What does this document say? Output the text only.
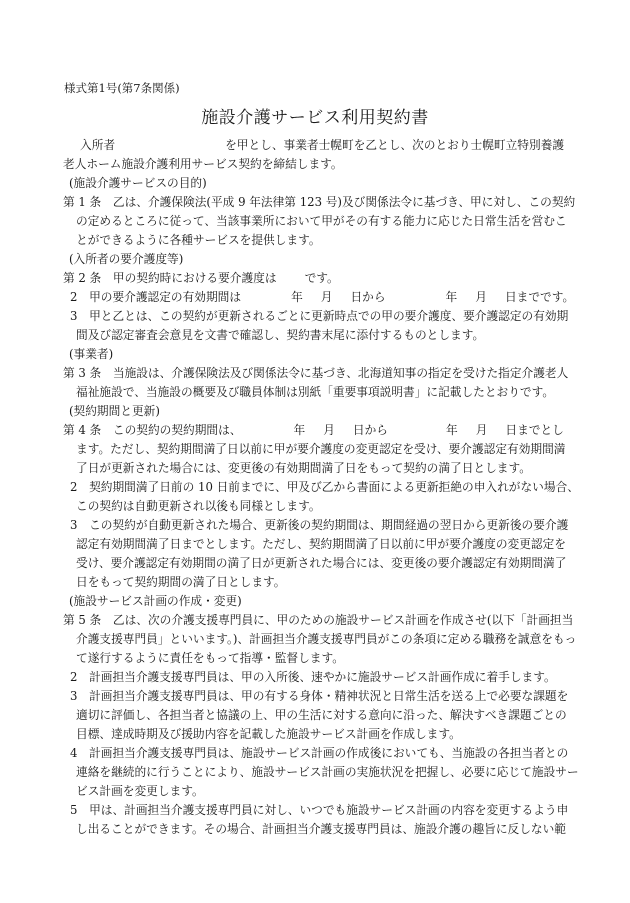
様式第1号(第7条関係)
施設介護サービス利用契約書
入所者	を甲とし、事業者士幌町を乙とし、次のとおり士幌町立特別養護
老人ホーム施設介護利用サービス契約を締結します。
(施設介護サービスの目的)
第 1 条　乙は、介護保険法(平成 9 年法律第 123 号)及び関係法令に基づき、甲に対し、この契約
の定めるところに従って、当該事業所において甲がその有する能力に応じた日常生活を営むこ
とができるように各種サービスを提供します。
(入所者の要介護度等)
第 2 条　甲の契約時における要介護度は です。
2　甲の要介護認定の有効期間は	年 月 日から	年 月 日までです。
3　甲と乙とは、この契約が更新されるごとに更新時点での甲の要介護度、要介護認定の有効期
間及び認定審査会意見を文書で確認し、契約書末尾に添付するものとします。
(事業者)
第 3 条　当施設は、介護保険法及び関係法令に基づき、北海道知事の指定を受けた指定介護老人
福祉施設で、当施設の概要及び職員体制は別紙「重要事項説明書」に記載したとおりです。
(契約期間と更新)
第 4 条　この契約の契約期間は、	年 月 日から	年 月 日までとし
ます。ただし、契約期間満了日以前に甲が要介護度の変更認定を受け、要介護認定有効期間満
了日が更新された場合には、変更後の有効期間満了日をもって契約の満了日とします。
2　契約期間満了日前の 10 日前までに、甲及び乙から書面による更新拒絶の申入れがない場合、
この契約は自動更新され以後も同様とします。
3　この契約が自動更新された場合、更新後の契約期間は、期間経過の翌日から更新後の要介護
認定有効期間満了日までとします。ただし、契約期間満了日以前に甲が要介護度の変更認定を
受け、要介護認定有効期間の満了日が更新された場合には、変更後の要介護認定有効期間満了
日をもって契約期間の満了日とします。
(施設サービス計画の作成・変更)
第 5 条　乙は、次の介護支援専門員に、甲のための施設サービス計画を作成させ(以下「計画担当
介護支援専門員」といいます。)、計画担当介護支援専門員がこの条項に定める職務を誠意をもっ
て遂行するように責任をもって指導・監督します。
2　計画担当介護支援専門員は、甲の入所後、速やかに施設サービス計画作成に着手します。
3　計画担当介護支援専門員は、甲の有する身体・精神状況と日常生活を送る上で必要な課題を
適切に評価し、各担当者と協議の上、甲の生活に対する意向に沿った、解決すべき課題ごとの
目標、達成時期及び援助内容を記載した施設サービス計画を作成します。
4　計画担当介護支援専門員は、施設サービス計画の作成後においても、当施設の各担当者との
連絡を継続的に行うことにより、施設サービス計画の実施状況を把握し、必要に応じて施設サー
ビス計画を変更します。
5　甲は、計画担当介護支援専門員に対し、いつでも施設サービス計画の内容を変更するよう申
し出ることができます。その場合、計画担当介護支援専門員は、施設介護の趣旨に反しない範
